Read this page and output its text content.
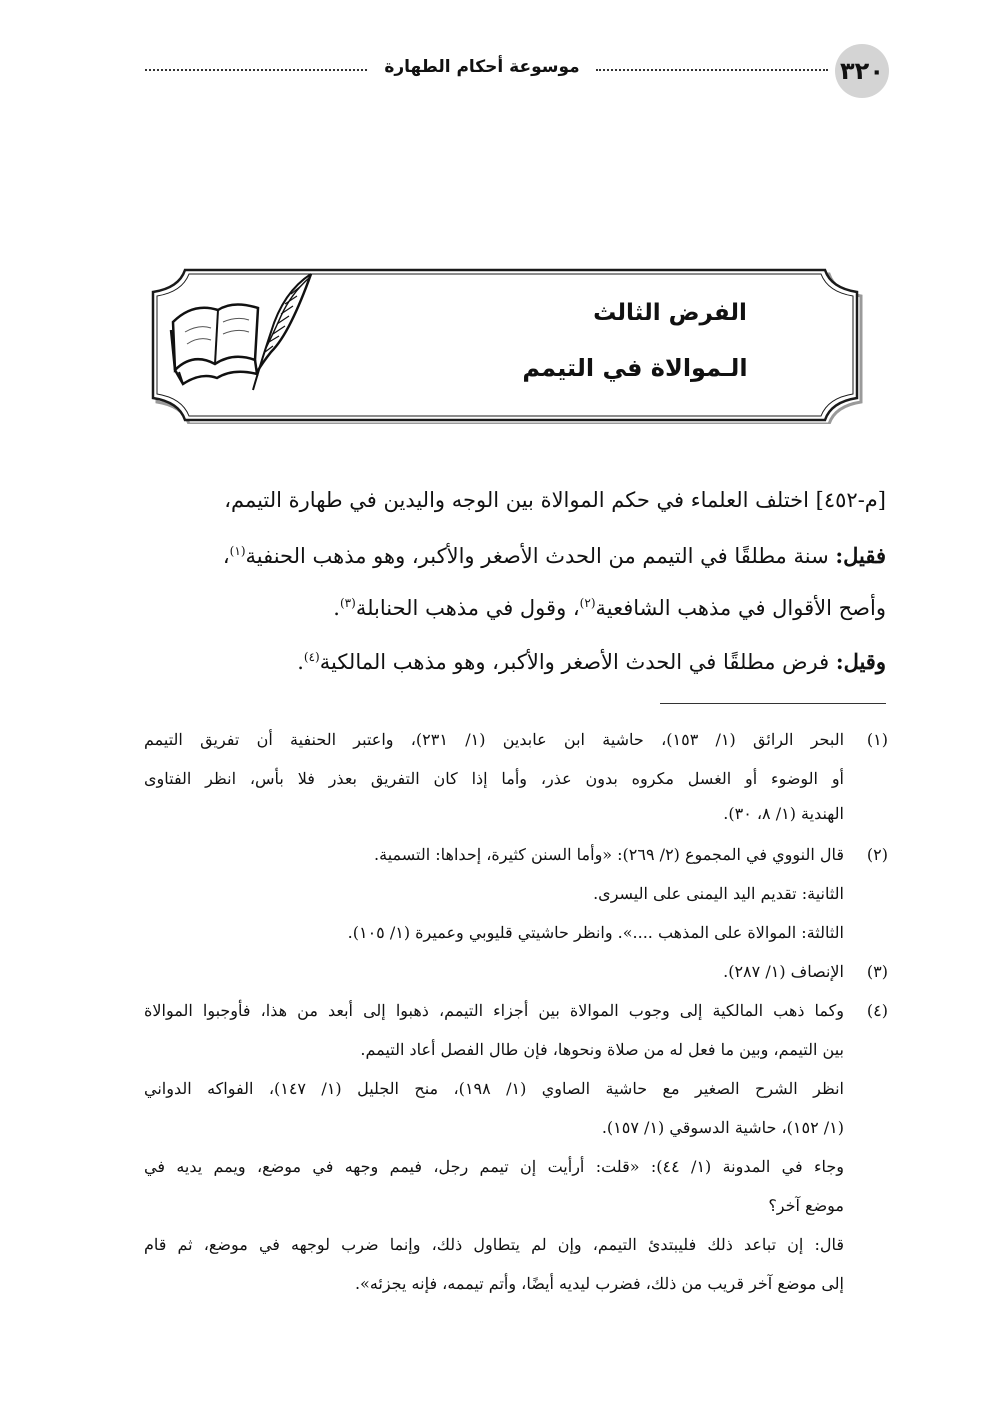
٣٢٠
موسوعة أحكام الطهارة
الفرض الثالث
الـموالاة في التيمم

[م-٤٥٢] اختلف العلماء في حكم الموالاة بين الوجه واليدين في طهارة التيمم،

فقيل: سنة مطلقًا في التيمم من الحدث الأصغر والأكبر، وهو مذهب الحنفية$^{(١)}$،

وأصح الأقوال في مذهب الشافعية$^{(٢)}$، وقول في مذهب الحنابلة$^{(٣)}$.

وقيل: فرض مطلقًا في الحدث الأصغر والأكبر، وهو مذهب المالكية$^{(٤)}$.

(١)

البحر الرائق (١/ ١٥٣)، حاشية ابن عابدين (١/ ٢٣١)، واعتبر الحنفية أن تفريق التيمم

أو الوضوء أو الغسل مكروه بدون عذر، وأما إذا كان التفريق بعذر فلا بأس، انظر الفتاوى

الهندية (١/ ٨، ٣٠).

(٢)

قال النووي في المجموع (٢/ ٢٦٩): «وأما السنن كثيرة، إحداها: التسمية.

الثانية: تقديم اليد اليمنى على اليسرى.

الثالثة: الموالاة على المذهب ....». وانظر حاشيتي قليوبي وعميرة (١/ ١٠٥).

(٣)

الإنصاف (١/ ٢٨٧).

(٤)

وكما ذهب المالكية إلى وجوب الموالاة بين أجزاء التيمم، ذهبوا إلى أبعد من هذا، فأوجبوا الموالاة

بين التيمم، وبين ما فعل له من صلاة ونحوها، فإن طال الفصل أعاد التيمم.

انظر الشرح الصغير مع حاشية الصاوي (١/ ١٩٨)، منح الجليل (١/ ١٤٧)، الفواكه الدواني

(١/ ١٥٢)، حاشية الدسوقي (١/ ١٥٧).

وجاء في المدونة (١/ ٤٤): «قلت: أرأيت إن تيمم رجل، فيمم وجهه في موضع، ويمم يديه في

موضع آخر؟

قال: إن تباعد ذلك فليبتدئ التيمم، وإن لم يتطاول ذلك، وإنما ضرب لوجهه في موضع، ثم قام

إلى موضع آخر قريب من ذلك، فضرب ليديه أيضًا، وأتم تيممه، فإنه يجزئه».
